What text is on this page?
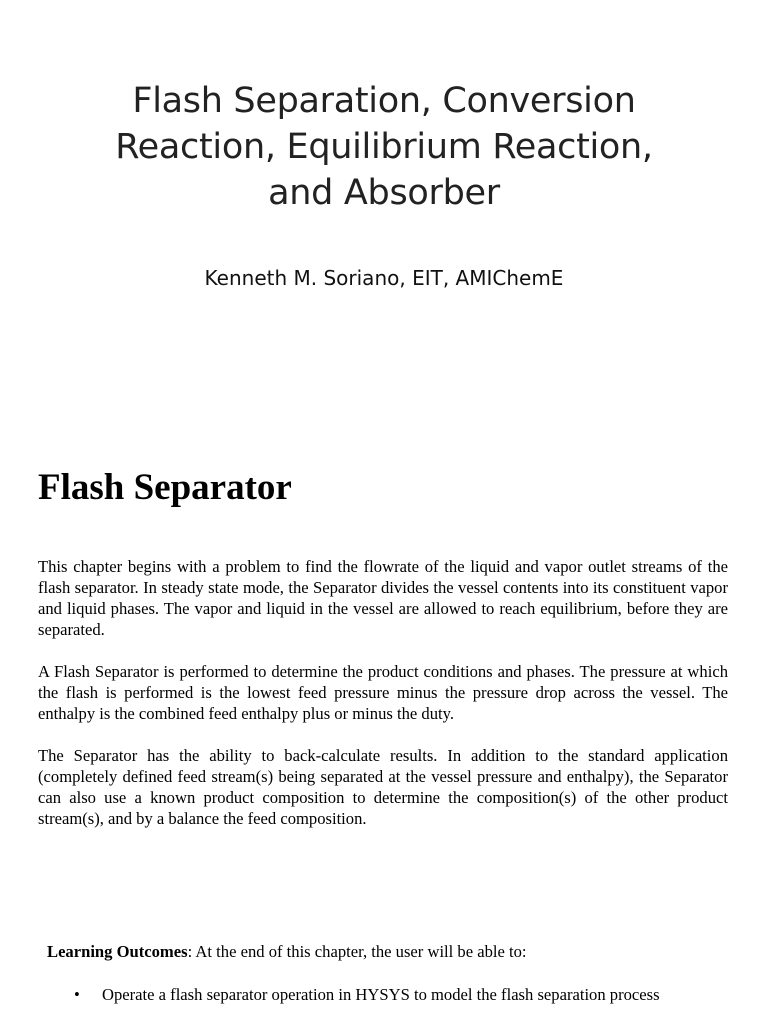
Flash Separation, Conversion
Reaction, Equilibrium Reaction,
and Absorber
Kenneth M. Soriano, EIT, AMIChemE
Flash Separator

This chapter begins with a problem to find the flowrate of the liquid and vapor outlet streams of the flash separator. In steady state mode, the Separator divides the vessel contents into its constituent vapor and liquid phases. The vapor and liquid in the vessel are allowed to reach equilibrium, before they are separated.

A Flash Separator is performed to determine the product conditions and phases. The pressure at which the flash is performed is the lowest feed pressure minus the pressure drop across the vessel. The enthalpy is the combined feed enthalpy plus or minus the duty.

The Separator has the ability to back-calculate results. In addition to the standard application (completely defined feed stream(s) being separated at the vessel pressure and enthalpy), the Separator can also use a known product composition to determine the composition(s) of the other product stream(s), and by a balance the feed composition.

Learning Outcomes: At the end of this chapter, the user will be able to:

•	Operate a flash separator operation in HYSYS to model the flash separation process
